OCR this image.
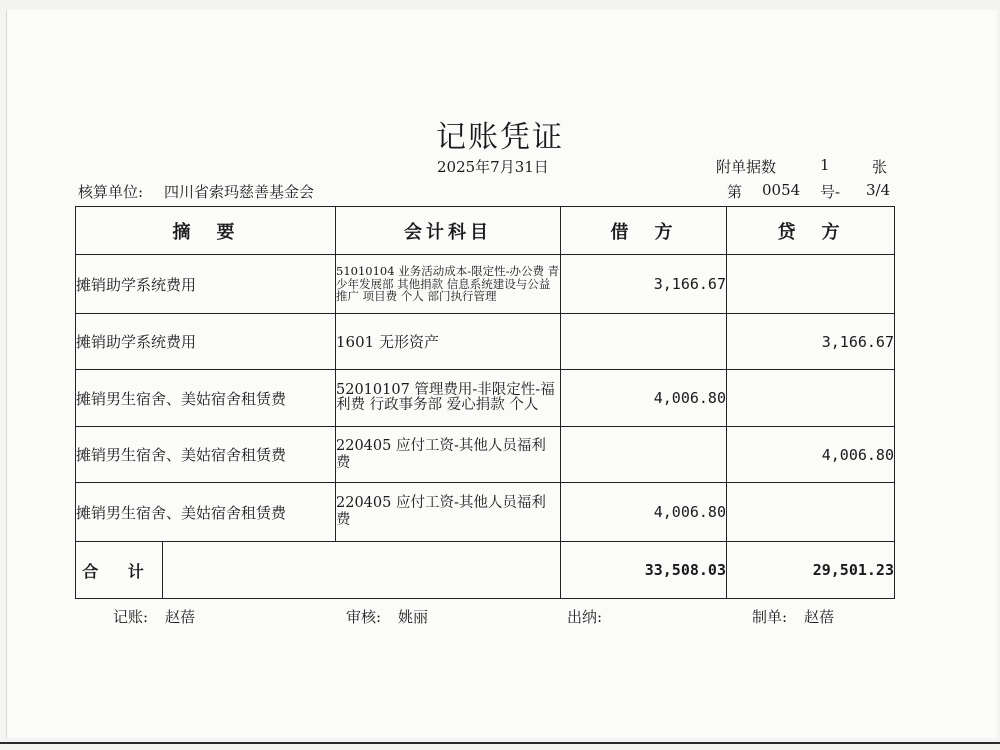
记账凭证
2025年7月31日	附单据数	1	张
核算单位: 四川省索玛慈善基金会	第 0054 号- 3/4
摘　要		会计科目	借　方	贷　方
摊销助学系统费用		51010104 业务活动成本-限定性-办公费 青少年发展部 其他捐款 信息系统建设与公益推广 项目费 个人 部门执行管理	3,166.67	
摊销助学系统费用		1601 无形资产		3,166.67
摊销男生宿舍、美姑宿舍租赁费		52010107 管理费用-非限定性-福利费 行政事务部 爱心捐款 个人	4,006.80	
摊销男生宿舍、美姑宿舍租赁费		220405 应付工资-其他人员福利费		4,006.80
摊销男生宿舍、美姑宿舍租赁费		220405 应付工资-其他人员福利费	4,006.80	
合 计			33,508.03	29,501.23
记账: 赵蓓	审核: 姚丽	出纳:	制单: 赵蓓
